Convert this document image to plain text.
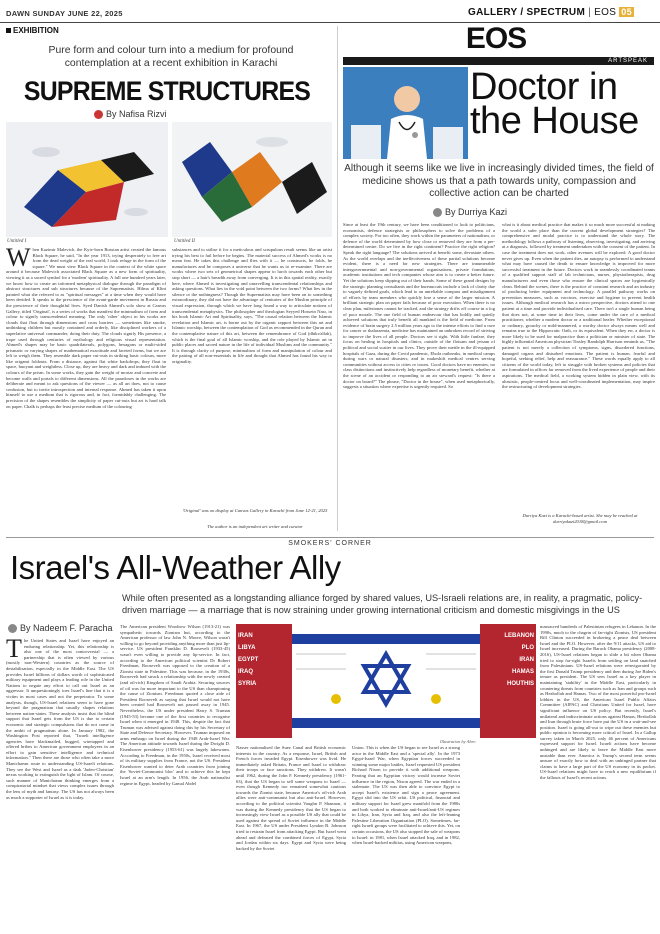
DAWN SUNDAY JUNE 22, 2025	GALLERY / SPECTRUM | EOS 05
EXHIBITION
Pure form and colour turn into a medium for profound contemplation at a recent exhibition in Karachi
SUPREME STRUCTURES
By Nafisa Rizvi
Untitled I	Untitled II
When Kazimir Malevich, the Kyiv-born Russian artist created the famous Black Square, he said, "In the year 1913, trying desperately to free art from the dead weight of the real world, I took refuge in the form of the square." We must view Black Square in the context of the white space around it because Malevich associated Black Square as a new form of spirituality, viewing it as a sacred symbol for a 'modern' spirituality. A full one hundred years later, we know how to create an informed metaphysical dialogue through the paradigm of abstract structures and sub structures because of the Suprematists. Hilma af Klint painted what she referred to as "spiritual messages" at a time when they would have been derided. It speaks to the prescience of the avant-garde movement in Russia and the prescience of their thoughtful lives. Syed Danish Ahmed's solo show at Canvas Gallery, titled 'Original', is a series of works that manifest the minimalism of form and colour to signify transcendental meaning. The only 'other' object in his works are clouds that float through dimensions and cross barriers — sometimes like smoke, unthinking children but mostly contained and orderly, like disciplined workers of a superlative universal commander, doing their duty. The clouds signify His presence, a trope used through centuries of mythology and religious visual representation. Ahmed's shapes may be basic quadrilaterals, polygons, hexagons or multi-sided prismatic or varying shapes of mathematical exactitude and faceted forms, but we are left to weigh them. They resemble dark paper cut-outs in striking basic colours, more like origami foldouts. From a distance, against flat white backdrops, they float in space, buoyant and weightless. Close up, they are heavy and dark and imbued with the colours of the prism. In some works, they gain the weight of mortar and concrete and become walls and portals to different dimensions. All the paradoxes in the works are deliberate and meant to ask questions of the viewer — as all art does, not to cause confusion, but to invite introspection and internal response. Ahmed has taken it upon himself to use a medium that is rigorous and, in fact, formidably challenging. The precision of the shapes resembles the simplicity of paper cut-outs but art is hard talk on paper. Chalk is perhaps the least precise medium of the colouring
substances and to utilise it for a meticulous and scrupulous result seems like an artist trying his best to fail before he begins. The material success of Ahmed's works is no mean feat. He takes this challenge and flies with it — he constructs, he folds, he manufactures and he composes a universe that he wants us to re-examine. There are works where two sets of geometrical shapes appear to lurch towards each other but stop short — a hair's breadth away from converging. It is in this spatial reality, exactly here, where Ahmed is investigating and unravelling transcendental relationships and asking questions. What lies in the void point between the two forms? What lies in the silence or the nothingness? Though the Suprematists may have been on to something extraordinary, they did not have the advantage of centuries of the Muslim principle of visual expression, through which we have long found a way to articulate notions of transcendental metaphysics. The philosopher and theologian Seyyed Hossein Nasr, in his book Islamic Art and Spirituality, says, "The causal relation between the Islamic revelation and Islamic art, is borne out by the organic rapport between this art and Islamic worship, between the contemplation of God as recommended in the Quran and the contemplative nature of this art, between the remembrance of God (dhikr/allah), which is the final goal of all Islamic worship, and the role played by Islamic art in public places and sacred nature in the life of individual Muslims and the community." It is through clarity of purpose, minimalism of form and manipulation of colour and the pairing of all non-essentials in life and thought that Ahmed has found his way to originality.
'Original' was on display at Canvas Gallery in Karachi from June 12-21, 2025
The author is an independent art writer and curator
EOS
ARTSPEAK
Doctor in the House
Although it seems like we live in increasingly divided times, the field of medicine shows us that a path towards unity, compassion and collective action can be charted
By Durriya Kazi
Since at least the 19th century, we have been conditioned to look to politicians, economists, defence strategists or philosophers to solve the problems of a complex society. For too often, they work within the parameters of nationalism, or defence of the world determined by how close or removed they are from a pre-determined centre. Do we live in the right continent? Practice the right religion? Speak the right language? The solutions arrived at benefit some, devastate others. As the world overlaps and the ineffectiveness of these partial solutions become evident, there is a need for new strategies. There are innumerable intergovernmental and non-governmental organisations, private foundations, academic institutions and tech companies whose aim is to create a better future. Yet the solutions keep slipping out of their hands. Some of these grand designs by the strategic planning consultants and the bureaucrats include a lack of clarity due to vaguely defined goals, which lead to an unreliable compass and misalignment of efforts by team members who quickly lose a sense of the larger mission. A brilliant strategic plan on paper fails because of poor execution. When there is no clear plan, milestones cannot be tracked, and the strategy drifts off course in a fog of poor morale. The one field of human endeavour that has boldly and quietly achieved solutions that truly benefit all mankind is the field of medicine. From evidence of brain surgery 2.5 million years ago to the intense efforts to find a cure for cancer or thalassemia, medicine has maintained an unbroken record of striving to improve the lives of all people. Doctors see it right. With little fanfare, they focus on healing in hospitals and clinics, outside of the flotsam and jetsam of political and social scatter in our lives. They prove their mettle in the ill-equipped hospitals of Gaza, during the Covid pandemic, Ebola outbreaks, in medical camps during wars or natural disasters, and in makeshift medical centres serving communities without access to cities or towns. Good doctors have no enemies, no class distinctions and instinctively help regardless of monetary benefit, whether at the scene of an accident or responding to an air steward's request: "Is there a doctor on board?" The phrase, "Doctor in the house", when used metaphorically, suggests a situation where expertise is urgently required. So
what is it about medical practice that makes it so much more successful at making the world a safer place than the current global development strategies? The comprehensive and modal practice is to understand the whole story. The methodology follows a pathway of listening, observing, investigating, and arriving at a diagnosis, followed by treatment undertaken with the consent of the patient. In case the treatment does not work, other avenues will be explored. A good doctor never gives up. Even when the patient dies, an autopsy is performed to understand what may have caused the death to ensure knowledge is improved for more successful treatment in the future. Doctors work in seamlessly coordinated teams of a qualified support staff of lab technicians, nurses, physiotherapists, drug manufacturers and even those who ensure the clinical spaces are hygienically clean. Behind the scenes, there is the practice of constant research and an industry of producing better equipment and technology. A parallel pathway works on prevention measures, such as vaccines, exercise and hygiene to prevent health issues. Although medical research has a micro perspective, doctors attend to one patient at a time and provide individualised care. There isn't a single human being that does not, at some time in their lives, come under the care of a medical practitioner, whether a modern doctor or a traditional healer. Whether exceptional or ordinary, grouchy or mild-mannered, a worthy doctor always means well and remains true to the Hippocratic Oath, or its equivalent. When they err, a doctor is more likely to be sued for malpractice than a politician or minister of state. The highly influential American physician Tinsley Randolph Harrison reminds us, "The patient is not merely a collection of symptoms, signs, disordered functions, damaged organs and disturbed emotions. The patient is human, fearful and hopeful, seeking relief, help and reassurance." These words equally apply to all citizens of the world today, left to struggle with broken systems and policies that are formulated in offices far removed from the lived experience of people and their aspirations. The medical field, a working system hidden in plain view, with its altruistic, people-centred focus and well-coordinated implementation, may inspire the restructuring of development strategies.
Durriya Kazi is a Karachi-based artist. She may be reached at durriyakazi2018@gmail.com
SMOKERS' CORNER
Israel's All-Weather Ally
While often presented as a longstanding alliance forged by shared values, US-Israeli relations are, in reality, a pragmatic, policy-driven marriage — a marriage that is now straining under growing international criticism and domestic misgivings in the US
By Nadeem F. Paracha
The United States and Israel have enjoyed an enduring relationship. Yet, this relationship is also one of the most controversial — a partnership that is often viewed by various (mostly non-Western) countries as the source of destabilisation, especially in the Middle East. The US provides Israel billions of dollars worth of sophisticated military equipment and plays a leading role in the United Nations to negate any effort to call out Israel as an aggressor. It unquestioningly toes Israel's line that it is a victim in most cases and not the perpetrator. To some analysts, though, US-Israel relations seem to have gone beyond the pragmatism that usually shapes relations between nation-states. These analysts insist that the blind support that Israel gets from the US is due to certain economic and strategic compulsions that do not come in the ambit of pragmatism alone. In January 1982, the Washington Post reported that, "Israeli intelligence agencies have blackmailed, bugged, wiretapped and offered bribes to American government employees in an effort to gain sensitive intelligence and technical information." Then there are those who often take a more Manichaean route to understanding US-Israeli relations. They see the West and Israel as a dark 'Judeo-Christian' nexus working to extinguish the light of Islam. Of course, such manner of Manichaean thinking emerges from a conspiratorial mindset that views complex issues through the lens of myth and fantasy. The US has not always been as much a supporter of Israel as it is today.
The American president Woodrow Wilson (1913-21) was sympathetic towards Zionism but, according to the American professor of law John N. Moore, Wilson wasn't willing to go beyond providing anything more than just lip-service. US president Franklin D. Roosevelt (1933-45) wasn't even willing to provide any lip-service. In fact, according to the American political scientist Dr Robert Freedman, Roosevelt was opposed to the creation of a Zionist state in Palestine. This was because, in the 1930s, Roosevelt had struck a relationship with the newly created (and oil-rich) Kingdom of Saudi Arabia. Securing sources of oil was far more important to the US than championing the cause of Zionism. Freedman quoted a close aide of President Roosevelt as saying that Israel would not have been created had Roosevelt not passed away in 1945. Nevertheless, the US under president Harry S. Truman (1945-53) became one of the first countries to recognise Israel when it emerged in 1948. This, despite the fact that Truman was advised against doing this by his Secretary of State and Defence Secretary. However, Truman imposed an arms embargo on Israel during the 1948 Arab-Israel War. The American attitude towards Israel during the Dwight D. Eisenhower presidency (1953-61) was largely lukewarm. According to Freedman, in the 1950s, Israel received most of its military supplies from France, not the US. President Eisenhower wanted to deter Arab countries from joining the 'Soviet-Communist bloc' and to achieve this he kept Israel at an arm's length. In 1956, the Arab nationalist regime in Egypt, headed by Gamal Abdel
IRAN
LIBYA
EGYPT
IRAQ
SYRIA
LEBANON
PLO
IRAN
HAMAS
HOUTHIS
Illustration by Abro
Nasser nationalised the Suez Canal and British economic interests in the country. As a response, Israel, British and French forces invaded Egypt. Eisenhower was livid. He immediately asked Britain, France and Israel to withdraw their troops or face sanctions. They withdrew. It wasn't until 1962, during the John F. Kennedy presidency (1961-63), that the US began to sell some weapons to Israel — even though Kennedy too remained somewhat cautious towards the Zionist state, because America's oil-rich Arab allies were anti-communist but also anti-Israel. However, according to the political scientist Vaughn P. Shannon, it was during the Kennedy presidency that the US began to increasingly view Israel as a possible US ally that could be used against the spread of Soviet influence in the Middle East. In 1967, the US under President Lyndon B. Johnson tried to restrain Israel from attacking Egypt. But Israel went ahead and defeated the combined forces of Egypt, Syria and Jordan within six days. Egypt and Syria were being backed by the Soviet
Union. This is when the US began to see Israel as a strong actor in the Middle East and a 'special ally'. In the 1973 Egypt-Israel War, when Egyptian forces succeeded in winning some major battles, Israel requested US president Richard Nixon to provide it with additional weapons. Fearing that an Egyptian victory would increase Soviet influence in the region, Nixon agreed. The war ended in a stalemate. The US was then able to convince Egypt to accept Israel's existence and sign a peace agreement. Egypt slid into the US orbit. US political, financial and military support for Israel grew manifold from the 1980s and both worked to eliminate anti-Israel/anti-US regimes in Libya, Iran, Syria and Iraq, and also the left-leaning Palestine Liberation Organisation (PLO). Sometimes, far-right Israeli groups were facilitated to achieve this. Yet, on certain occasions, the US also stopped the sale of weapons to Israel: in 1981, when Israel attacked Iraq, and in 1982, when Israel-backed militias, using American weapons,
massacred hundreds of Palestinian refugees in Lebanon. In the 1990s, much to the chagrin of far-right Zionists, US president Bill Clinton succeeded in brokering a peace deal between Israel and the PLO. However, after the 9/11 attacks, US aid to Israel increased. During the Barack Obama presidency (2008-2016), US-Israel relations began to slide a bit when Obama tried to stop far-right Israelis from settling on land snatched from Palestinians. US-Israel relations were reinvigorated by the first Donald Trump presidency and then during Joe Biden's tenure as president. The US sees Israel as a key player in maintaining 'stability' in the Middle East, particularly in countering threats from countries such as Iran and groups such as Hezbollah and Hamas. Two of the most powerful pro-Israel lobbies in the US, the American Israel Public Affairs Committee (AIPAC) and Christians United for Israel, have significant influence on US policy. But recently, Israel's unilateral and indiscriminate actions against Hamas, Hezbollah and Iran through brute force have put the US in a wait-and-see position. Israel is going all-out to wipe out these enemies but public opinion is becoming more critical of Israel. In a Gallup survey taken in March 2025, only 46 percent of Americans expressed support for Israel. Israeli actions have become unhinged and are likely to leave the Middle East more unstable than ever. America is Trump's second term seems unsure of exactly how to deal with an unhinged partner that claims to have a large part of the US economy in its pocket. US-Israel relations might have to reach a new equilibrium if the fallouts of Israel's recent actions.
